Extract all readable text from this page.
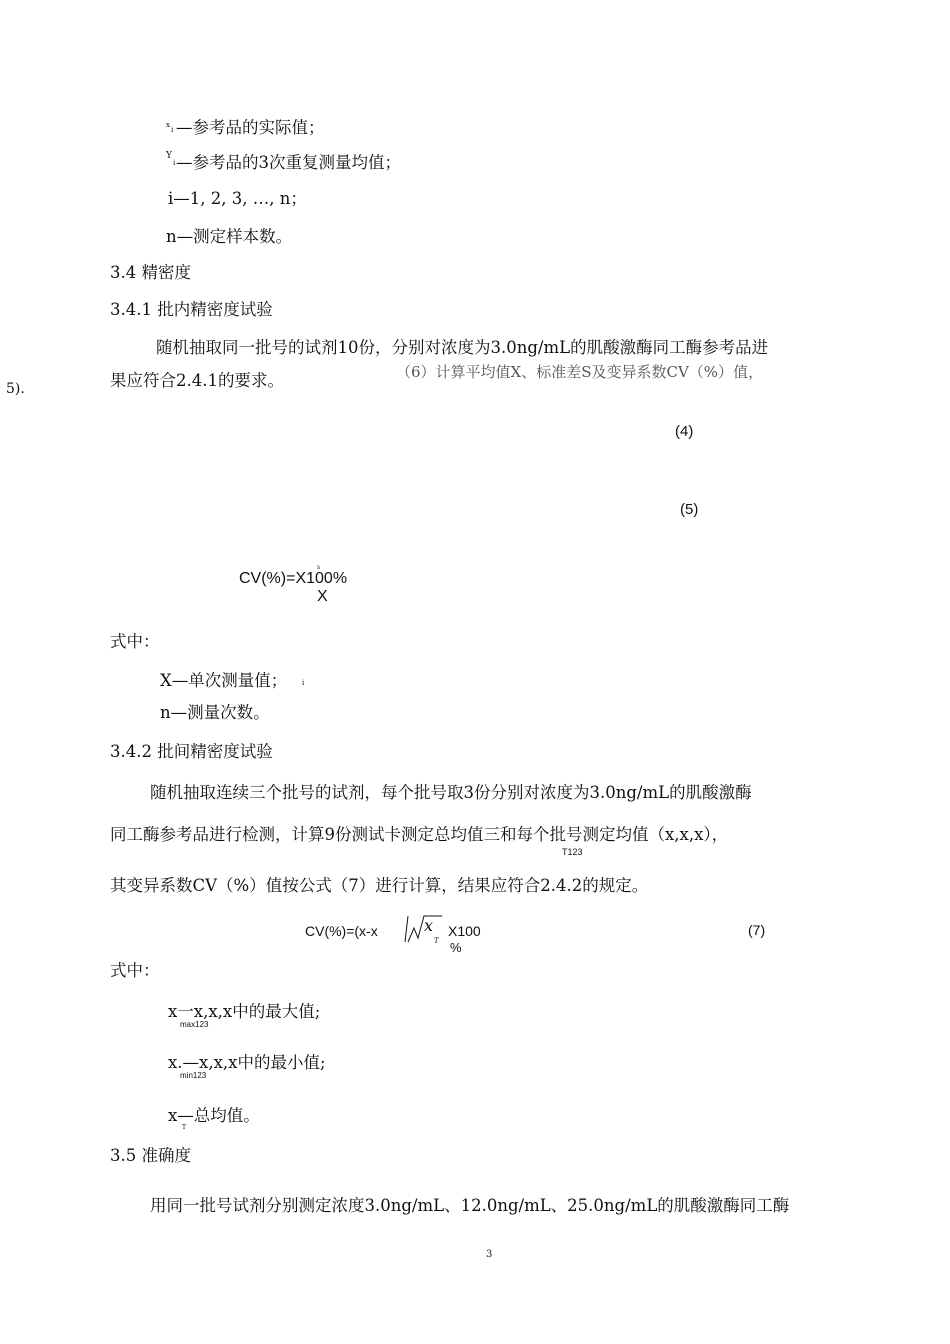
x
i —参考品的实际值；
Y
i —参考品的3次重复测量均值；
i—1, 2, 3, …, n；
n—测定样本数。
3.4 精密度
3.4.1 批内精密度试验
随机抽取同一批号的试剂10份，分别对浓度为3.0ng/mL的肌酸激酶同工酶参考品进
果应符合2.4.1的要求。	（6）计算平均值X、标准差S及变异系数CV（%）值，
5).
(4)
(5)
s
CV(%)=X100%
X
式中：
X—单次测量值； i
n—测量次数。
3.4.2 批间精密度试验
随机抽取连续三个批号的试剂，每个批号取3份分别对浓度为3.0ng/mL的肌酸激酶
同工酶参考品进行检测，计算9份测试卡测定总均值三和每个批号测定均值（x,x,x），
T123
其变异系数CV（%）值按公式（7）进行计算，结果应符合2.4.2的规定。
CV(%)=(x-x	x
T
X100
%
(7)
式中：
x一x,x,x中的最大值;
max123
x.—x,x,x中的最小值;
min123
x—总均值。
T
3.5 准确度
用同一批号试剂分别测定浓度3.0ng/mL、12.0ng/mL、25.0ng/mL的肌酸激酶同工酶
3
